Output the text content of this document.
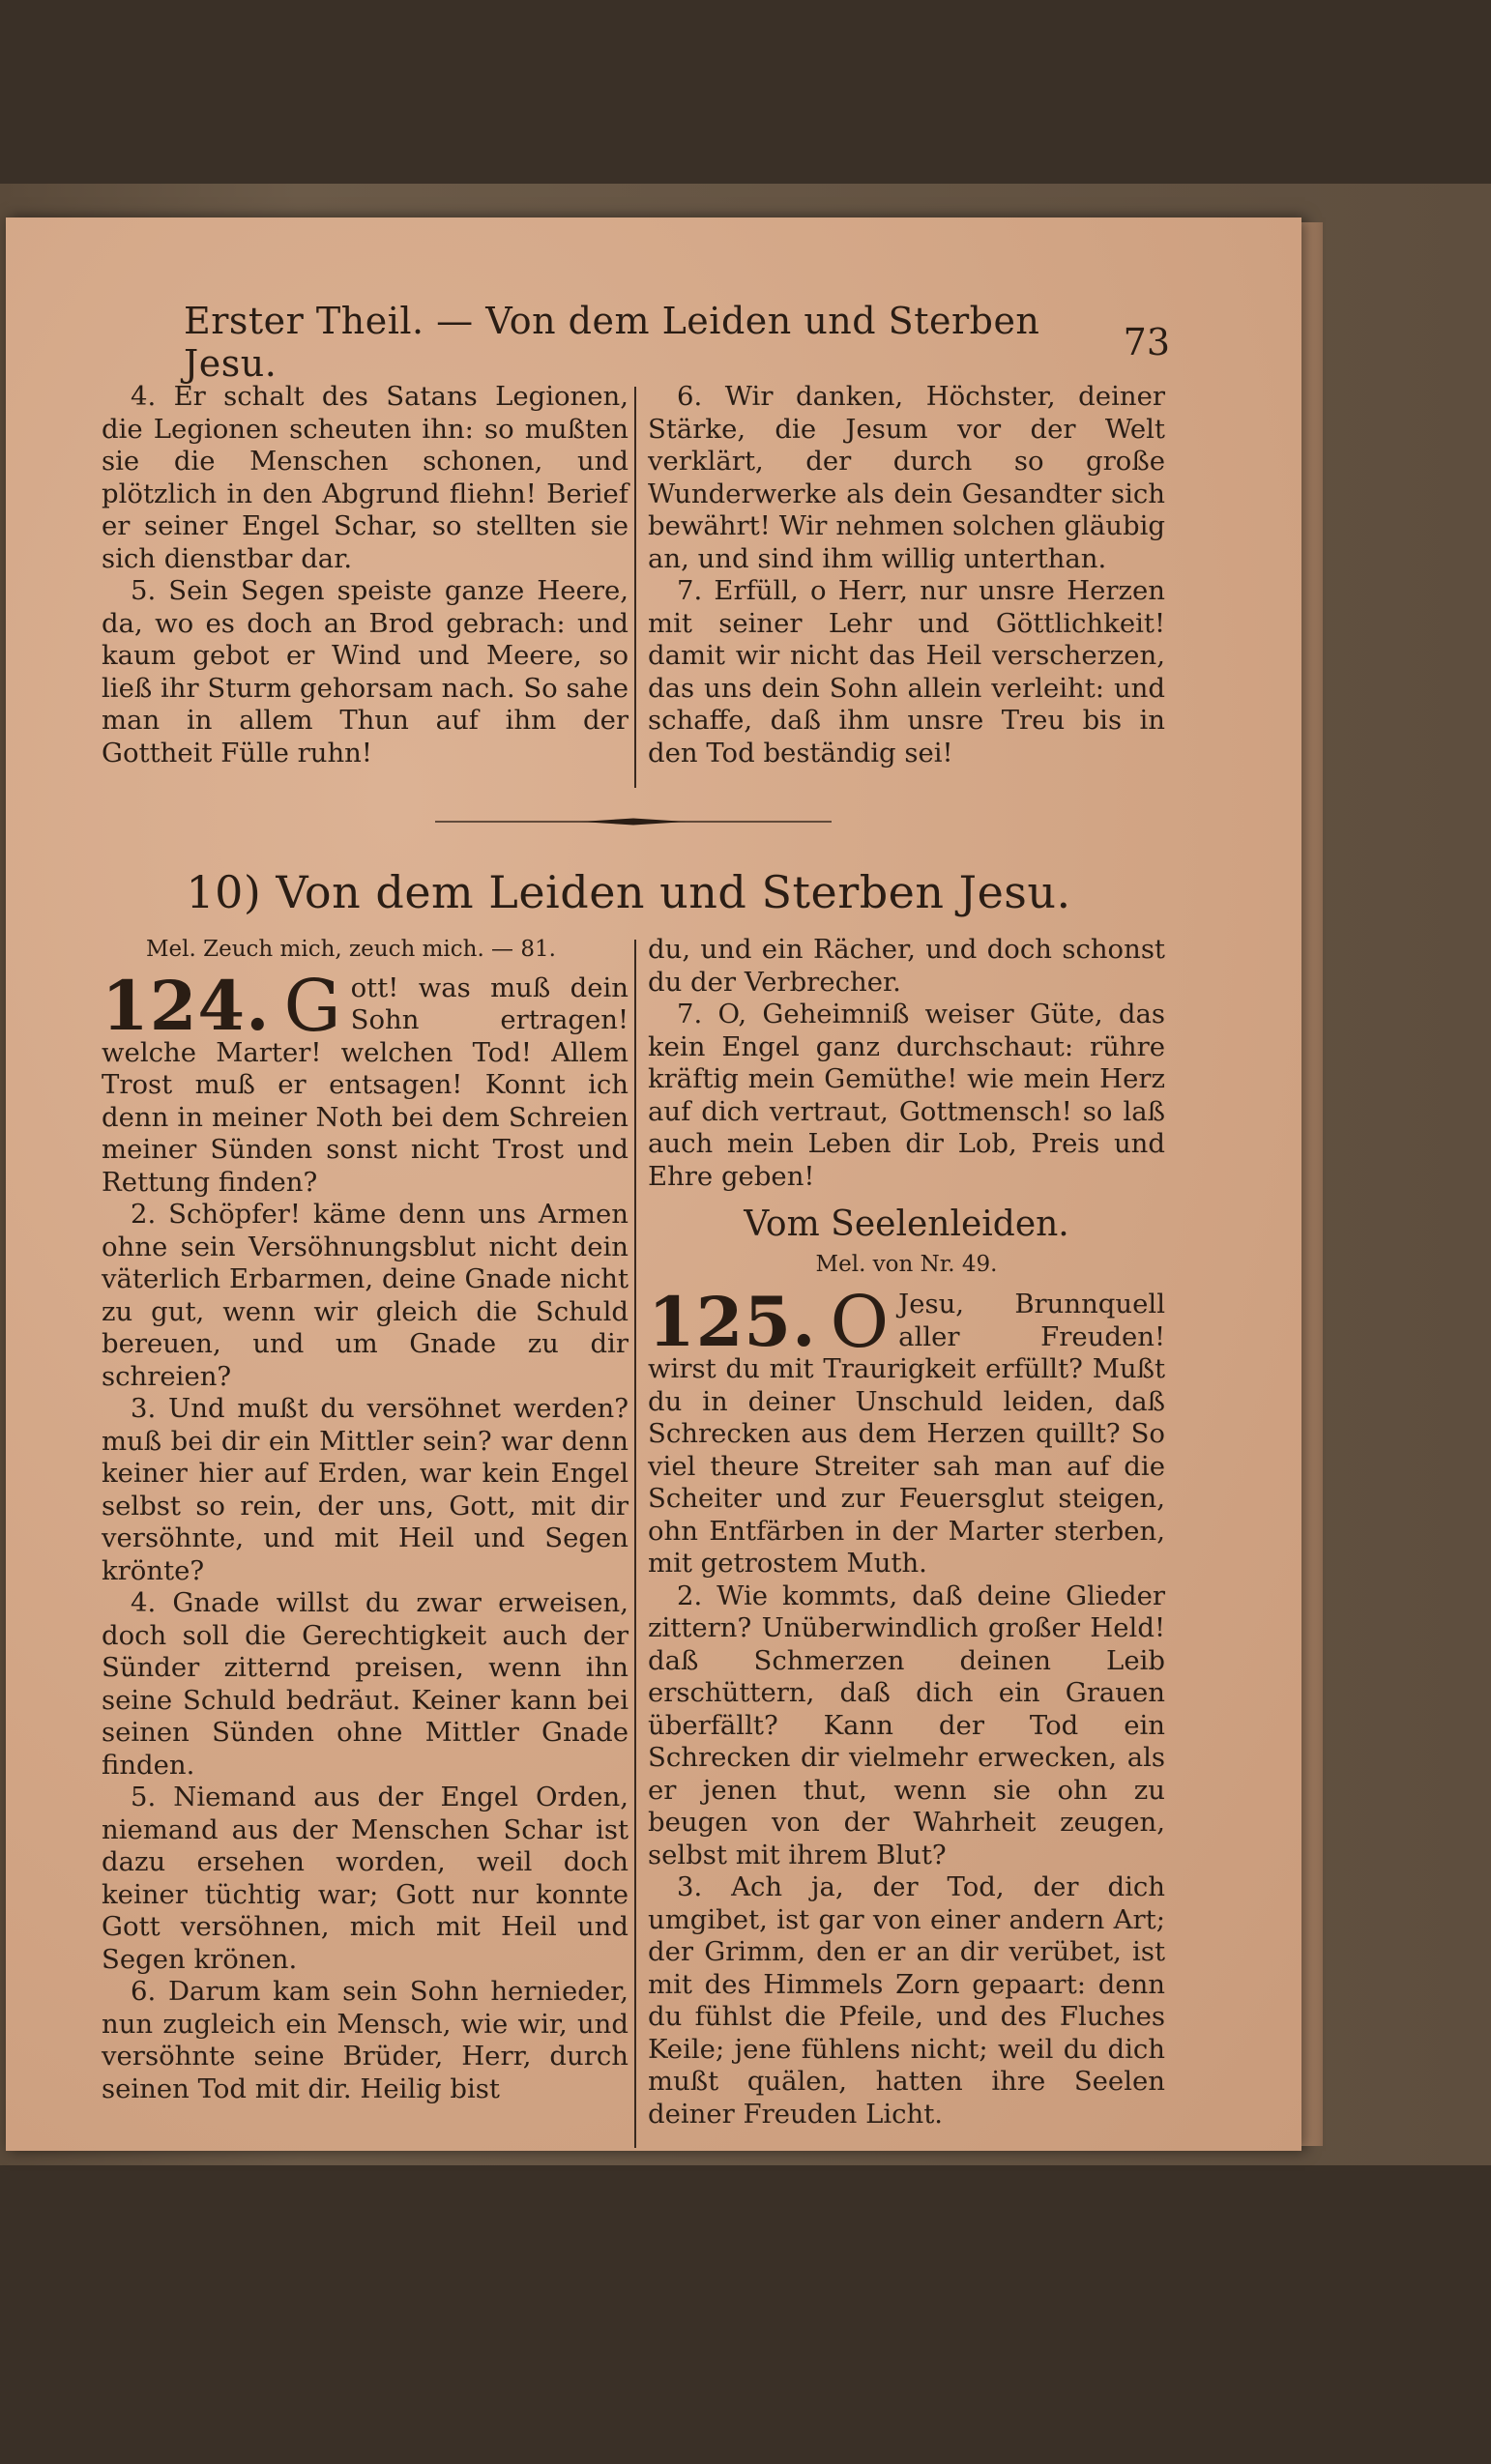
Erster Theil. — Von dem Leiden und Sterben Jesu.	73

4. Er schalt des Satans Legionen, die Legionen scheuten ihn: so mußten sie die Menschen schonen, und plötzlich in den Abgrund fliehn! Berief er seiner Engel Schar, so stellten sie sich dienstbar dar.

5. Sein Segen speiste ganze Heere, da, wo es doch an Brod gebrach: und kaum gebot er Wind und Meere, so ließ ihr Sturm gehorsam nach. So sahe man in allem Thun auf ihm der Gottheit Fülle ruhn!

6. Wir danken, Höchster, deiner Stärke, die Jesum vor der Welt verklärt, der durch so große Wunderwerke als dein Gesandter sich bewährt! Wir nehmen solchen gläubig an, und sind ihm willig unterthan.

7. Erfüll, o Herr, nur unsre Herzen mit seiner Lehr und Göttlichkeit! damit wir nicht das Heil verscherzen, das uns dein Sohn allein verleiht: und schaffe, daß ihm unsre Treu bis in den Tod beständig sei!

10) Von dem Leiden und Sterben Jesu.

Mel. Zeuch mich, zeuch mich. — 81.

124. G ott! was muß dein Sohn ertragen! welche Marter! welchen Tod! Allem Trost muß er entsagen! Konnt ich denn in meiner Noth bei dem Schreien meiner Sünden sonst nicht Trost und Rettung finden?

2. Schöpfer! käme denn uns Armen ohne sein Versöhnungsblut nicht dein väterlich Erbarmen, deine Gnade nicht zu gut, wenn wir gleich die Schuld bereuen, und um Gnade zu dir schreien?

3. Und mußt du versöhnet werden? muß bei dir ein Mittler sein? war denn keiner hier auf Erden, war kein Engel selbst so rein, der uns, Gott, mit dir versöhnte, und mit Heil und Segen krönte?

4. Gnade willst du zwar erweisen, doch soll die Gerechtigkeit auch der Sünder zitternd preisen, wenn ihn seine Schuld bedräut. Keiner kann bei seinen Sünden ohne Mittler Gnade finden.

5. Niemand aus der Engel Orden, niemand aus der Menschen Schar ist dazu ersehen worden, weil doch keiner tüchtig war; Gott nur konnte Gott versöhnen, mich mit Heil und Segen krönen.

6. Darum kam sein Sohn hernieder, nun zugleich ein Mensch, wie wir, und versöhnte seine Brüder, Herr, durch seinen Tod mit dir. Heilig bist

du, und ein Rächer, und doch schonst du der Verbrecher.

7. O, Geheimniß weiser Güte, das kein Engel ganz durchschaut: rühre kräftig mein Gemüthe! wie mein Herz auf dich vertraut, Gottmensch! so laß auch mein Leben dir Lob, Preis und Ehre geben!

Vom Seelenleiden.

Mel. von Nr. 49.

125. O Jesu, Brunnquell aller Freuden! wirst du mit Traurigkeit erfüllt? Mußt du in deiner Unschuld leiden, daß Schrecken aus dem Herzen quillt? So viel theure Streiter sah man auf die Scheiter und zur Feuersglut steigen, ohn Entfärben in der Marter sterben, mit getrostem Muth.

2. Wie kommts, daß deine Glieder zittern? Unüberwindlich großer Held! daß Schmerzen deinen Leib erschüttern, daß dich ein Grauen überfällt? Kann der Tod ein Schrecken dir vielmehr erwecken, als er jenen thut, wenn sie ohn zu beugen von der Wahrheit zeugen, selbst mit ihrem Blut?

3. Ach ja, der Tod, der dich umgibet, ist gar von einer andern Art; der Grimm, den er an dir verübet, ist mit des Himmels Zorn gepaart: denn du fühlst die Pfeile, und des Fluches Keile; jene fühlens nicht; weil du dich mußt quälen, hatten ihre Seelen deiner Freuden Licht.
